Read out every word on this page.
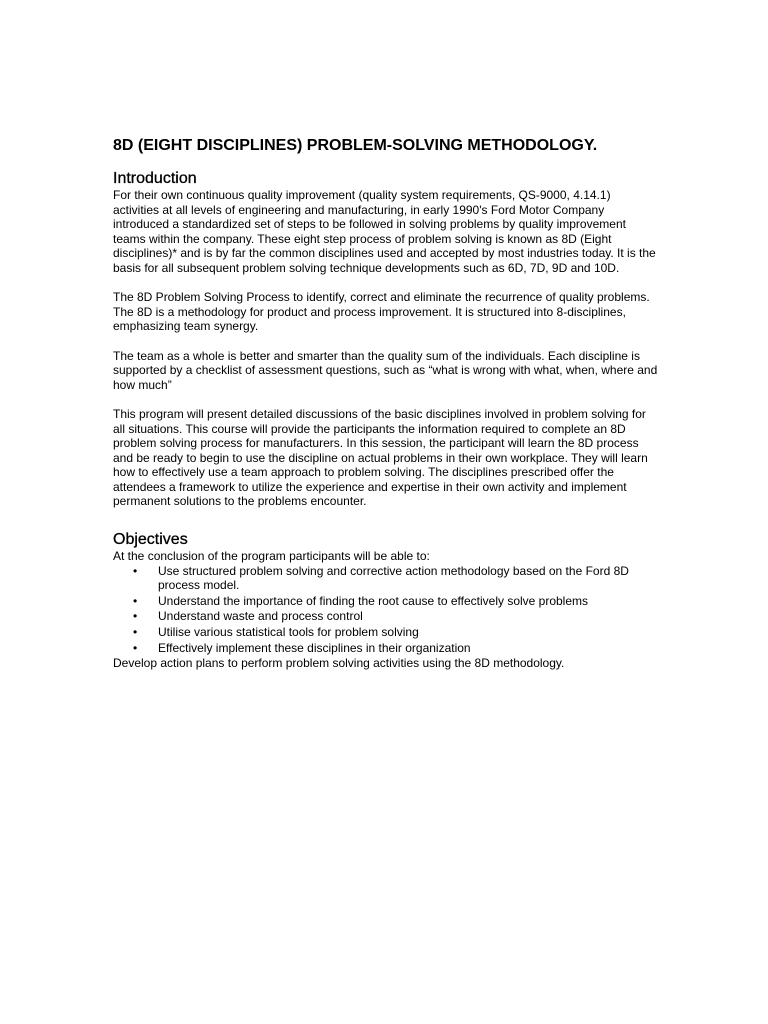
8D (EIGHT DISCIPLINES) PROBLEM-SOLVING METHODOLOGY.
Introduction

For their own continuous quality improvement (quality system requirements, QS-9000, 4.14.1) activities at all levels of engineering and manufacturing, in early 1990's Ford Motor Company introduced a standardized set of steps to be followed in solving problems by quality improvement teams within the company. These eight step process of problem solving is known as 8D (Eight disciplines)* and is by far the common disciplines used and accepted by most industries today. It is the basis for all subsequent problem solving technique developments such as 6D, 7D, 9D and 10D.

The 8D Problem Solving Process to identify, correct and eliminate the recurrence of quality problems. The 8D is a methodology for product and process improvement. It is structured into 8-disciplines, emphasizing team synergy.

The team as a whole is better and smarter than the quality sum of the individuals. Each discipline is supported by a checklist of assessment questions, such as “what is wrong with what, when, where and how much”

This program will present detailed discussions of the basic disciplines involved in problem solving for all situations. This course will provide the participants the information required to complete an 8D problem solving process for manufacturers. In this session, the participant will learn the 8D process and be ready to begin to use the discipline on actual problems in their own workplace. They will learn how to effectively use a team approach to problem solving. The disciplines prescribed offer the attendees a framework to utilize the experience and expertise in their own activity and implement permanent solutions to the problems encounter.

Objectives

At the conclusion of the program participants will be able to:

• Use structured problem solving and corrective action methodology based on the Ford 8D process model.
• Understand the importance of finding the root cause to effectively solve problems
• Understand waste and process control
• Utilise various statistical tools for problem solving
• Effectively implement these disciplines in their organization

Develop action plans to perform problem solving activities using the 8D methodology.
